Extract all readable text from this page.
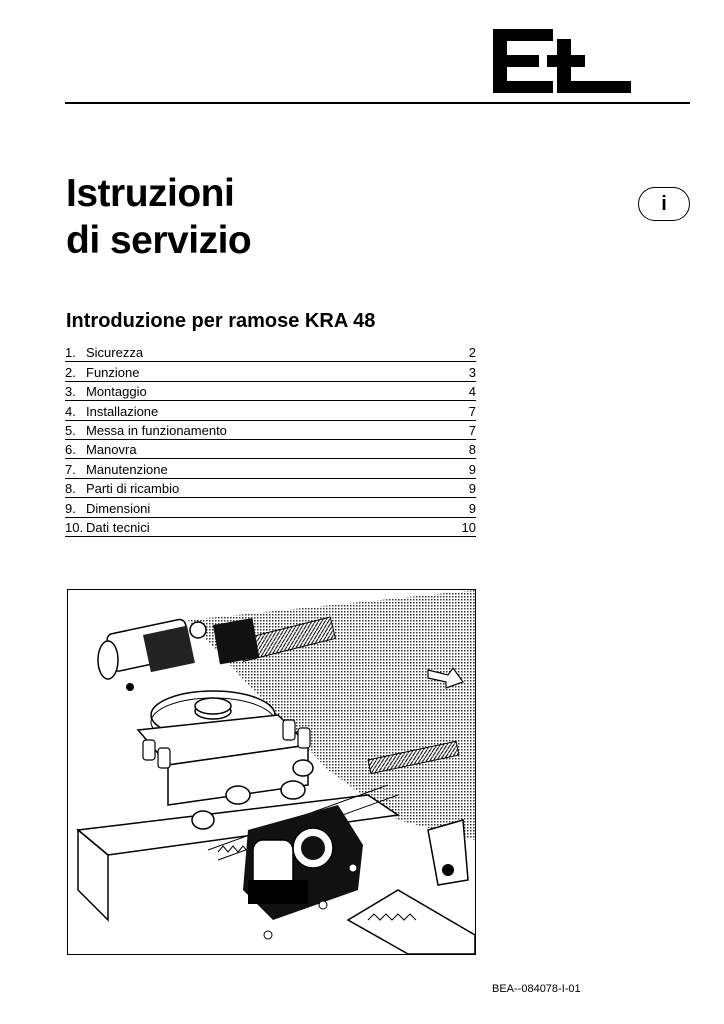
Istruzioni
di servizio
i
Introduzione per ramose KRA 48
1. Sicurezza	2
2. Funzione	3
3. Montaggio	4
4. Installazione	7
5. Messa in funzionamento	7
6. Manovra	8
7. Manutenzione	9
8. Parti di ricambio	9
9. Dimensioni	9
10. Dati tecnici	10
BEA--084078-I-01
